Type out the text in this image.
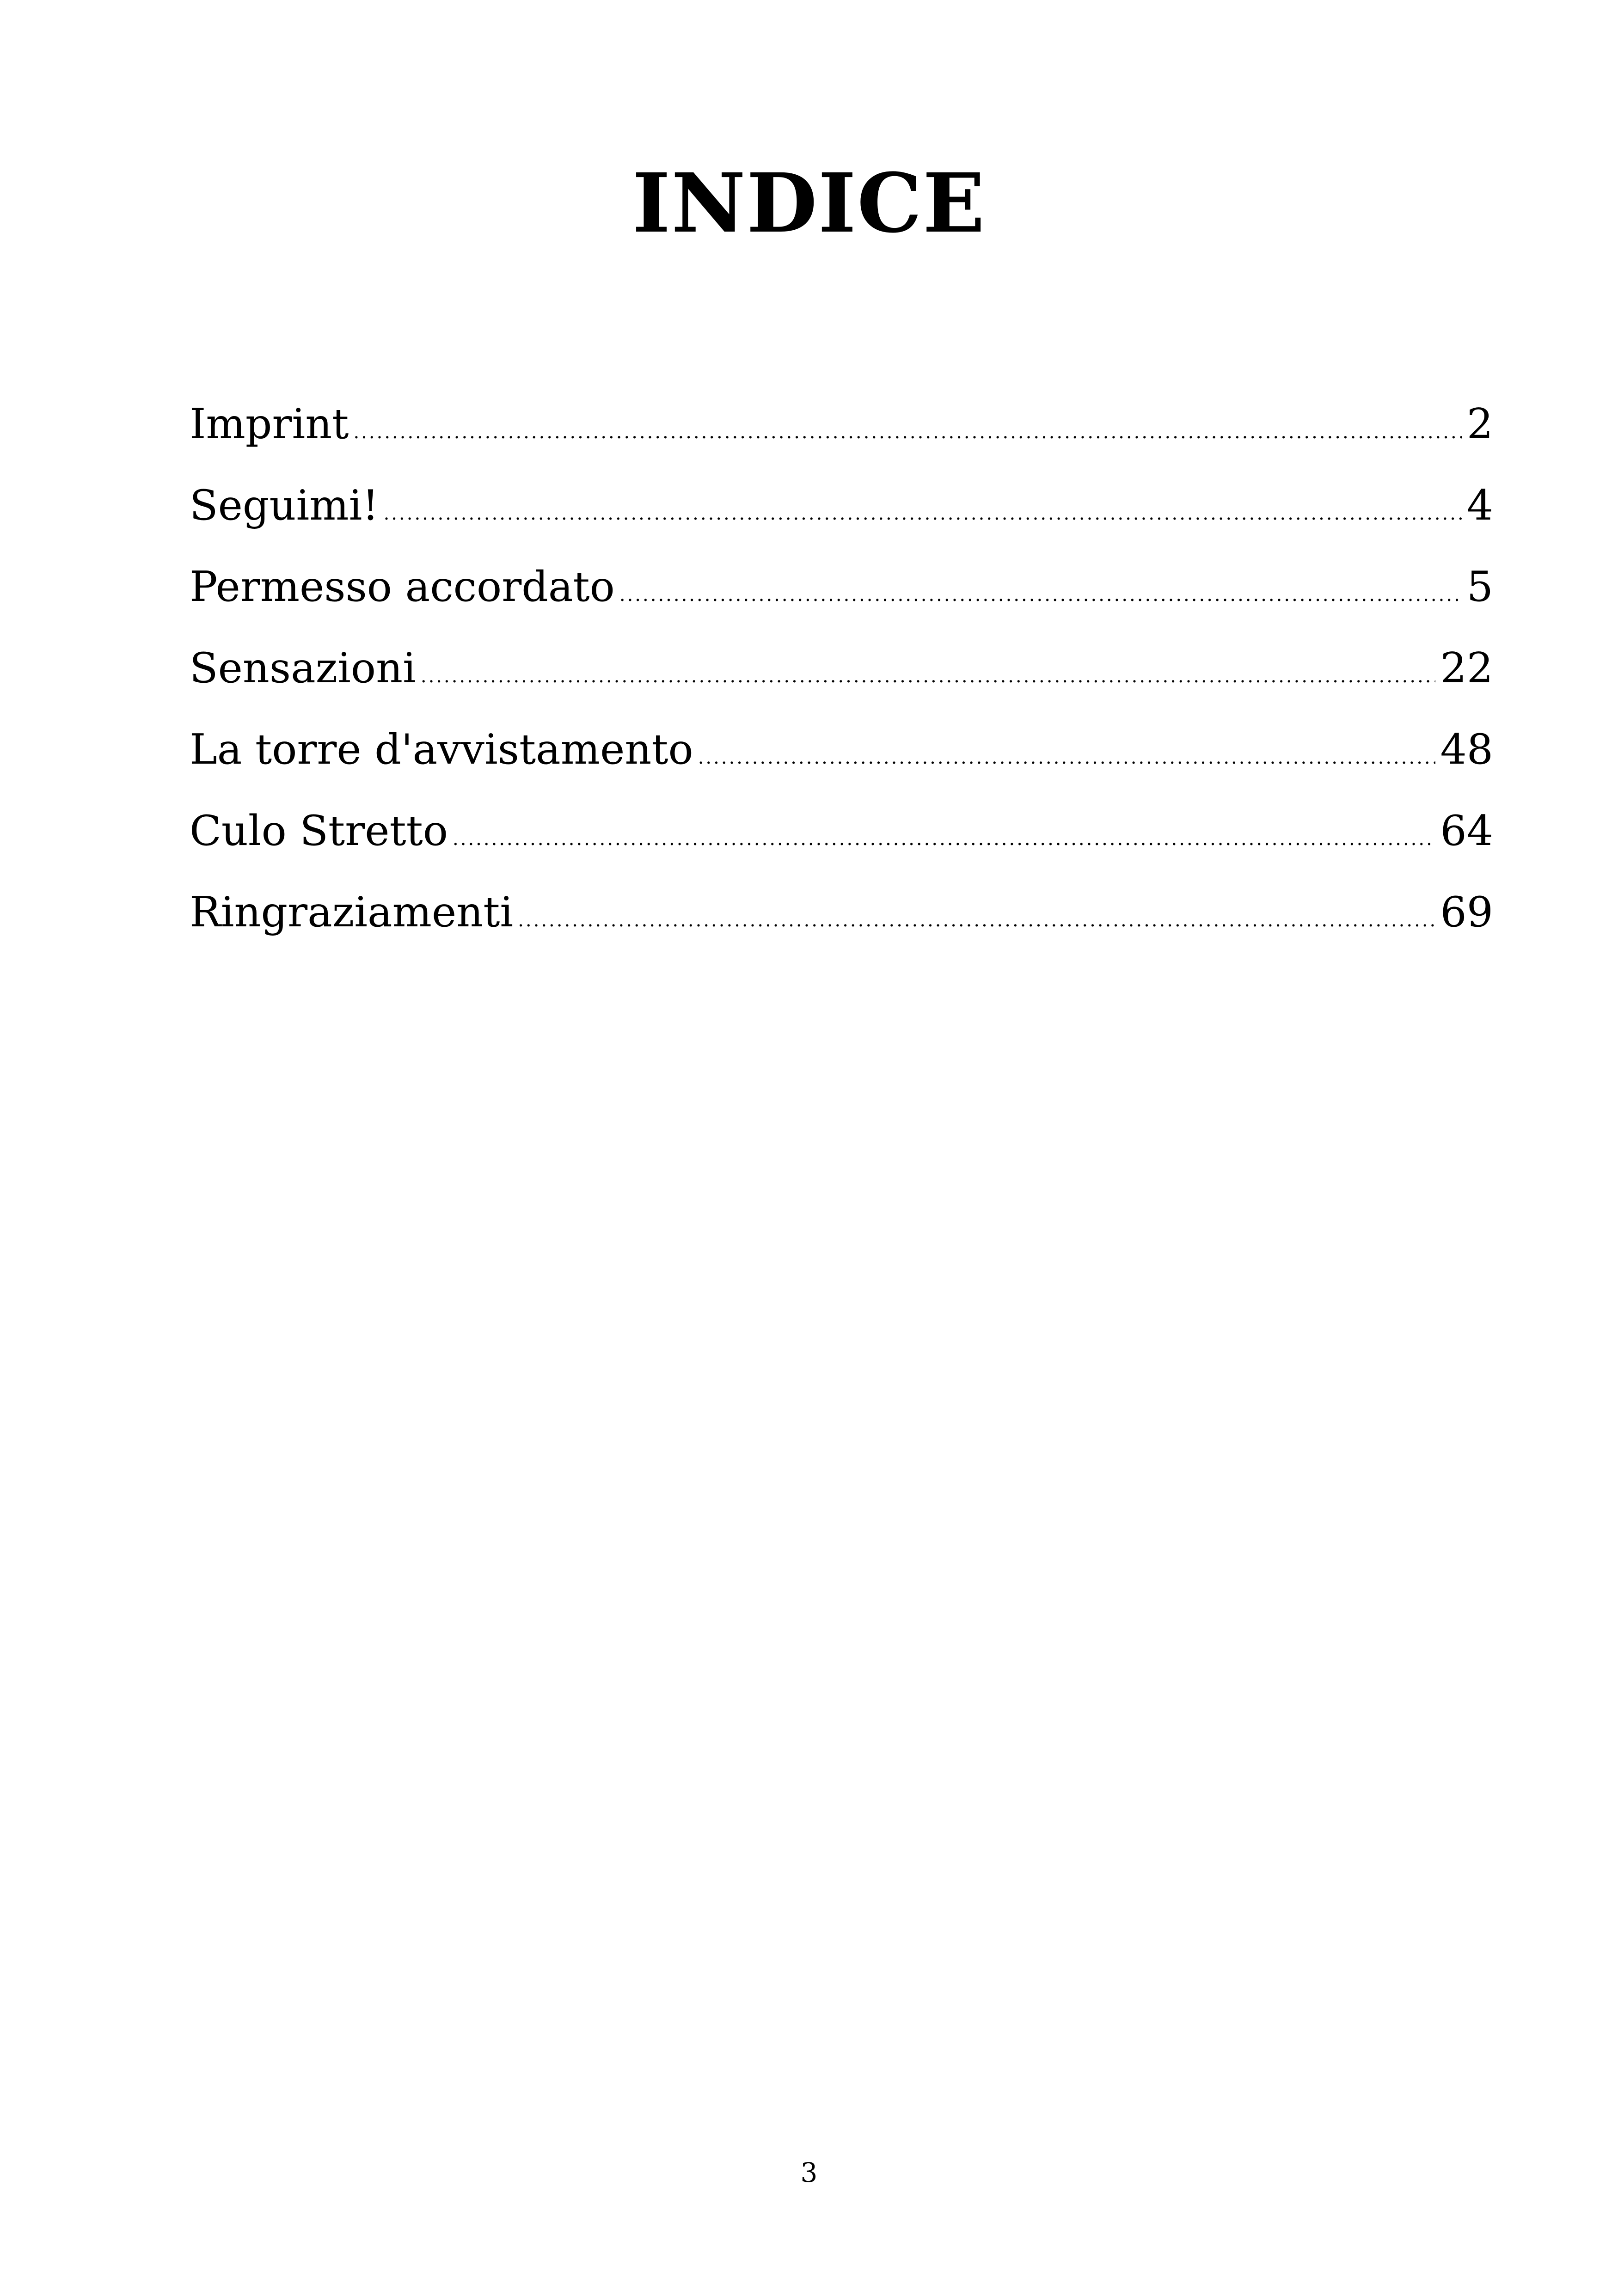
INDICE
Imprint .....	2
Seguimi! .....	4
Permesso accordato .....	5
Sensazioni .....	22
La torre d'avvistamento .....	48
Culo Stretto .....	64
Ringraziamenti .....	69
3
